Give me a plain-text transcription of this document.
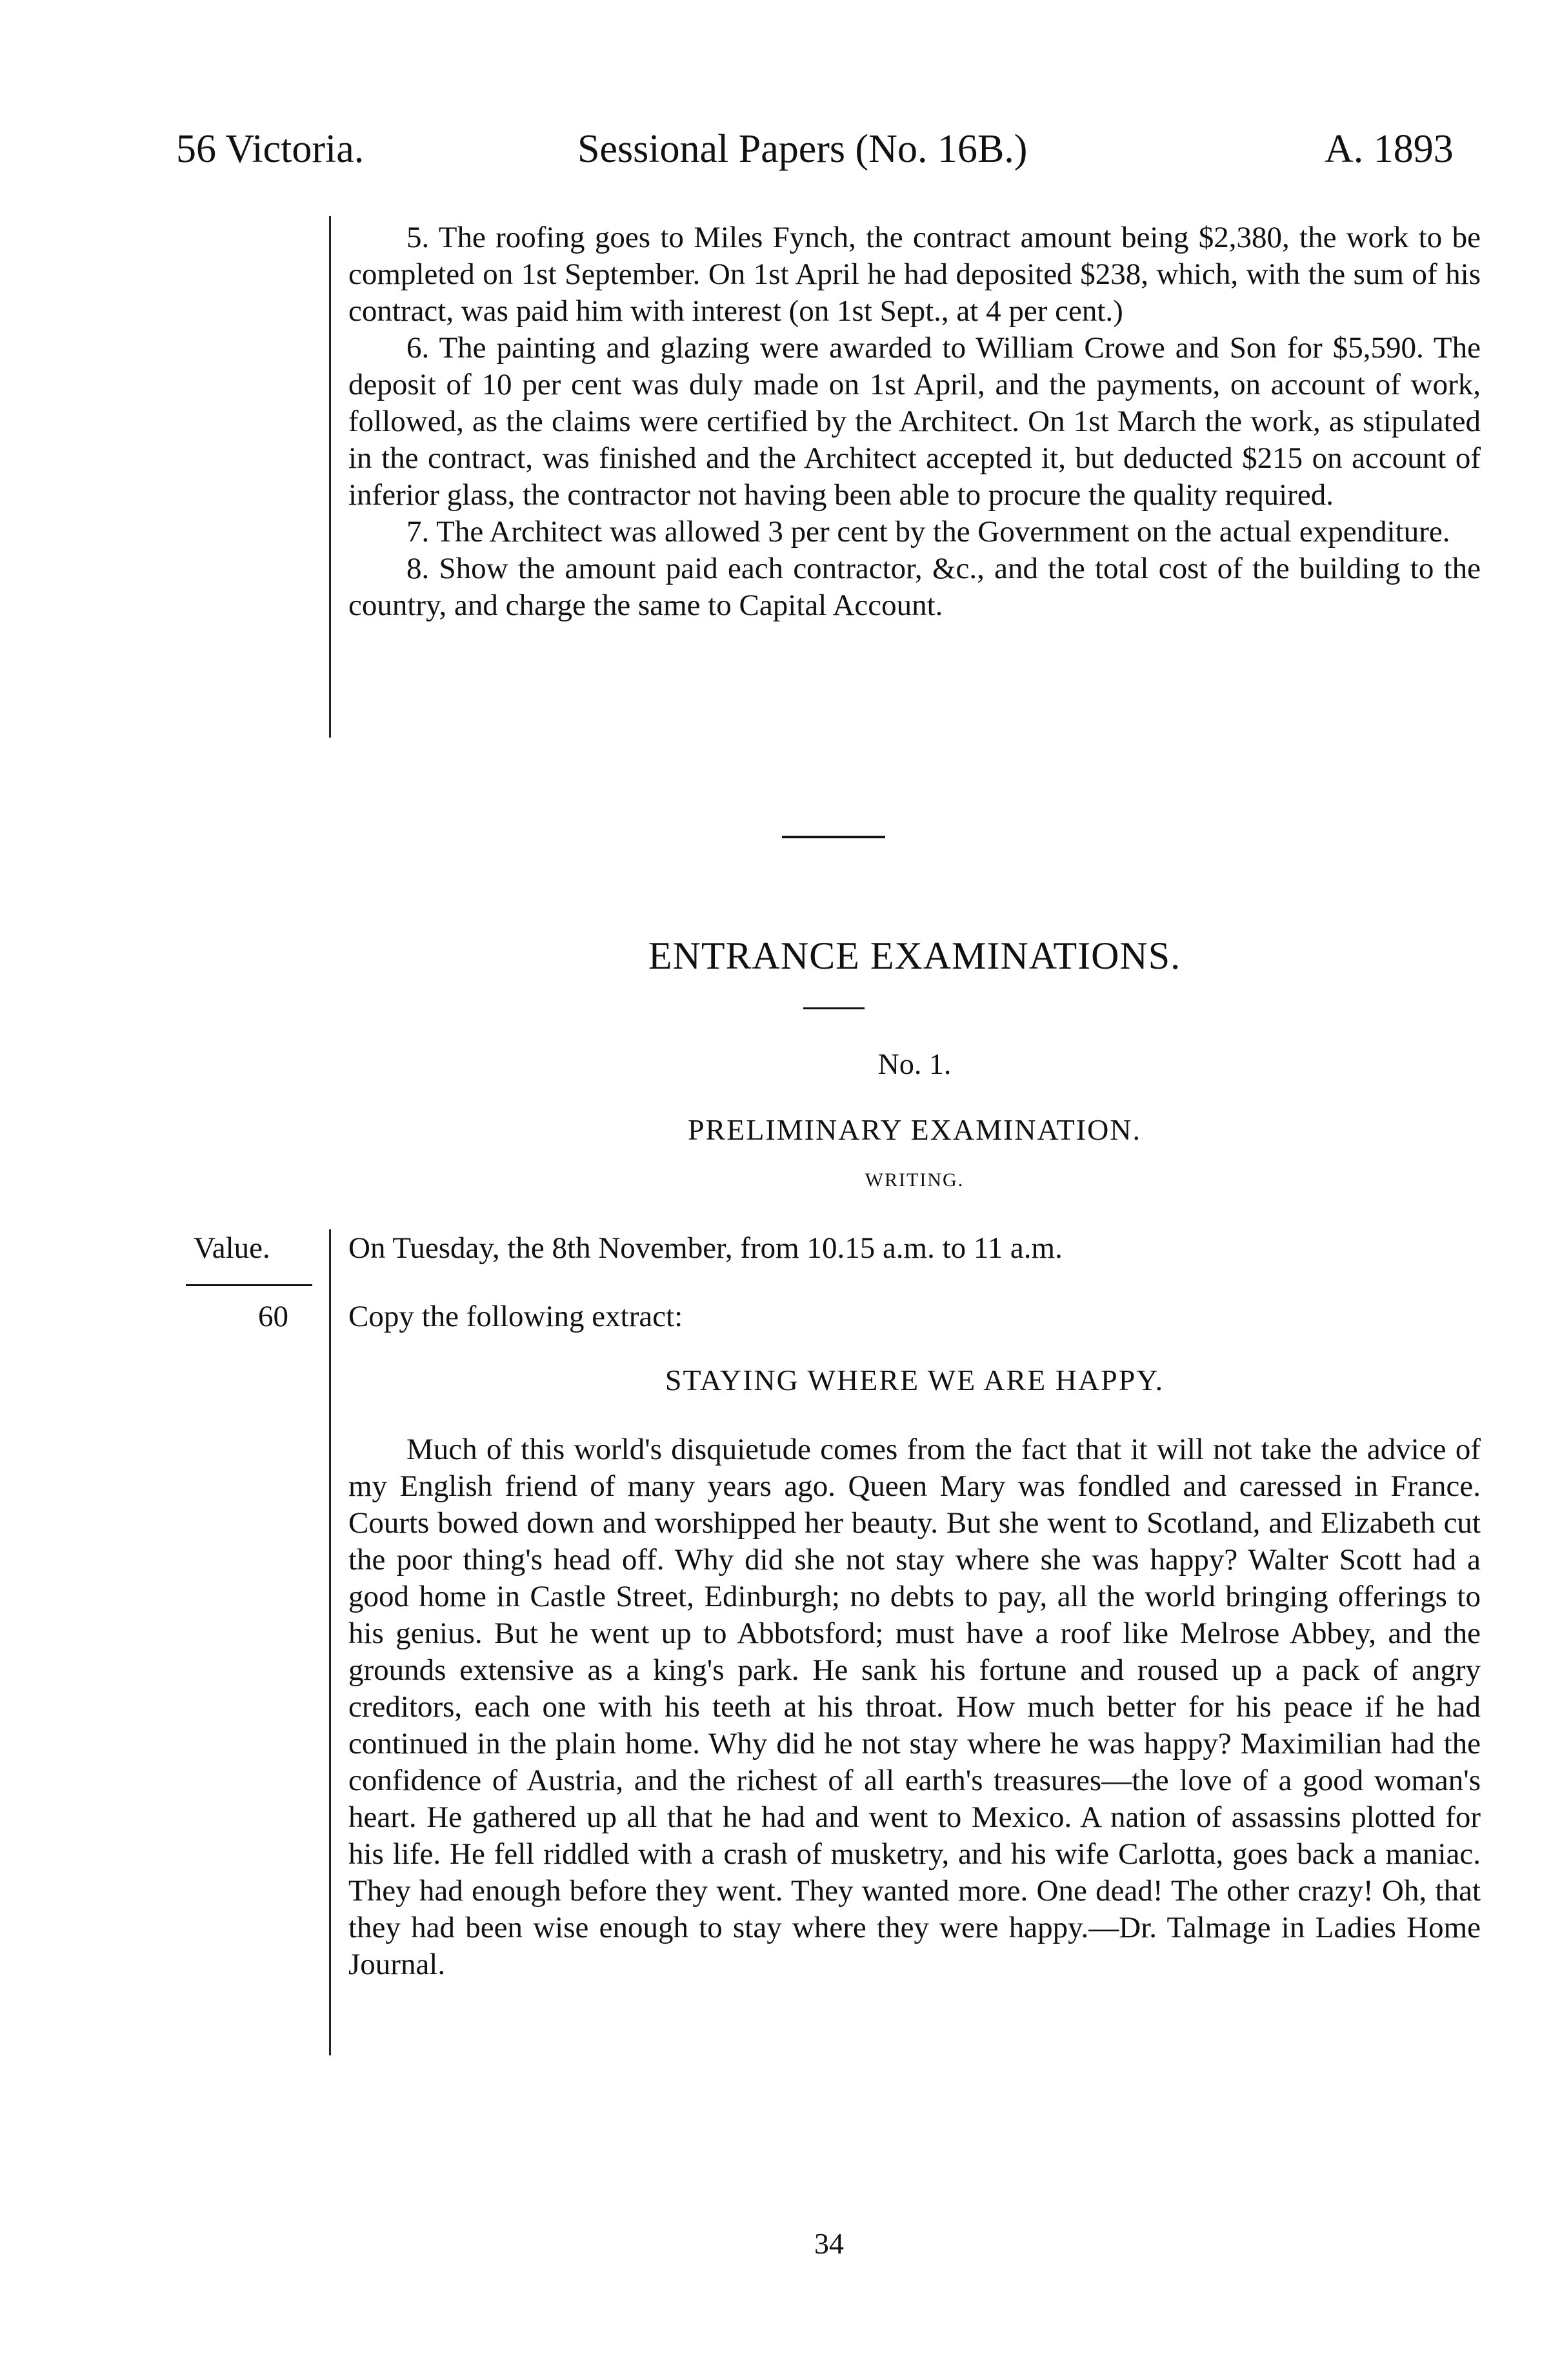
56 Victoria.	Sessional Papers (No. 16B.)	A. 1893

5. The roofing goes to Miles Fynch, the contract amount being $2,380, the work to be completed on 1st September. On 1st April he had deposited $238, which, with the sum of his contract, was paid him with interest (on 1st Sept., at 4 per cent.)

6. The painting and glazing were awarded to William Crowe and Son for $5,590. The deposit of 10 per cent was duly made on 1st April, and the payments, on account of work, followed, as the claims were certified by the Architect. On 1st March the work, as stipulated in the contract, was finished and the Architect accepted it, but deducted $215 on account of inferior glass, the contractor not having been able to procure the quality required.

7. The Architect was allowed 3 per cent by the Government on the actual expenditure.

8. Show the amount paid each contractor, &c., and the total cost of the building to the country, and charge the same to Capital Account.

ENTRANCE EXAMINATIONS.
No. 1.
PRELIMINARY EXAMINATION.
WRITING.
Value.
60
On Tuesday, the 8th November, from 10.15 a.m. to 11 a.m.
Copy the following extract:
STAYING WHERE WE ARE HAPPY.

Much of this world's disquietude comes from the fact that it will not take the advice of my English friend of many years ago. Queen Mary was fondled and caressed in France. Courts bowed down and worshipped her beauty. But she went to Scotland, and Elizabeth cut the poor thing's head off. Why did she not stay where she was happy? Walter Scott had a good home in Castle Street, Edinburgh; no debts to pay, all the world bringing offerings to his genius. But he went up to Abbotsford; must have a roof like Melrose Abbey, and the grounds extensive as a king's park. He sank his fortune and roused up a pack of angry creditors, each one with his teeth at his throat. How much better for his peace if he had continued in the plain home. Why did he not stay where he was happy? Maximilian had the confidence of Austria, and the richest of all earth's treasures—the love of a good woman's heart. He gathered up all that he had and went to Mexico. A nation of assassins plotted for his life. He fell riddled with a crash of musketry, and his wife Carlotta, goes back a maniac. They had enough before they went. They wanted more. One dead! The other crazy! Oh, that they had been wise enough to stay where they were happy.—Dr. Talmage in Ladies Home Journal.

34
